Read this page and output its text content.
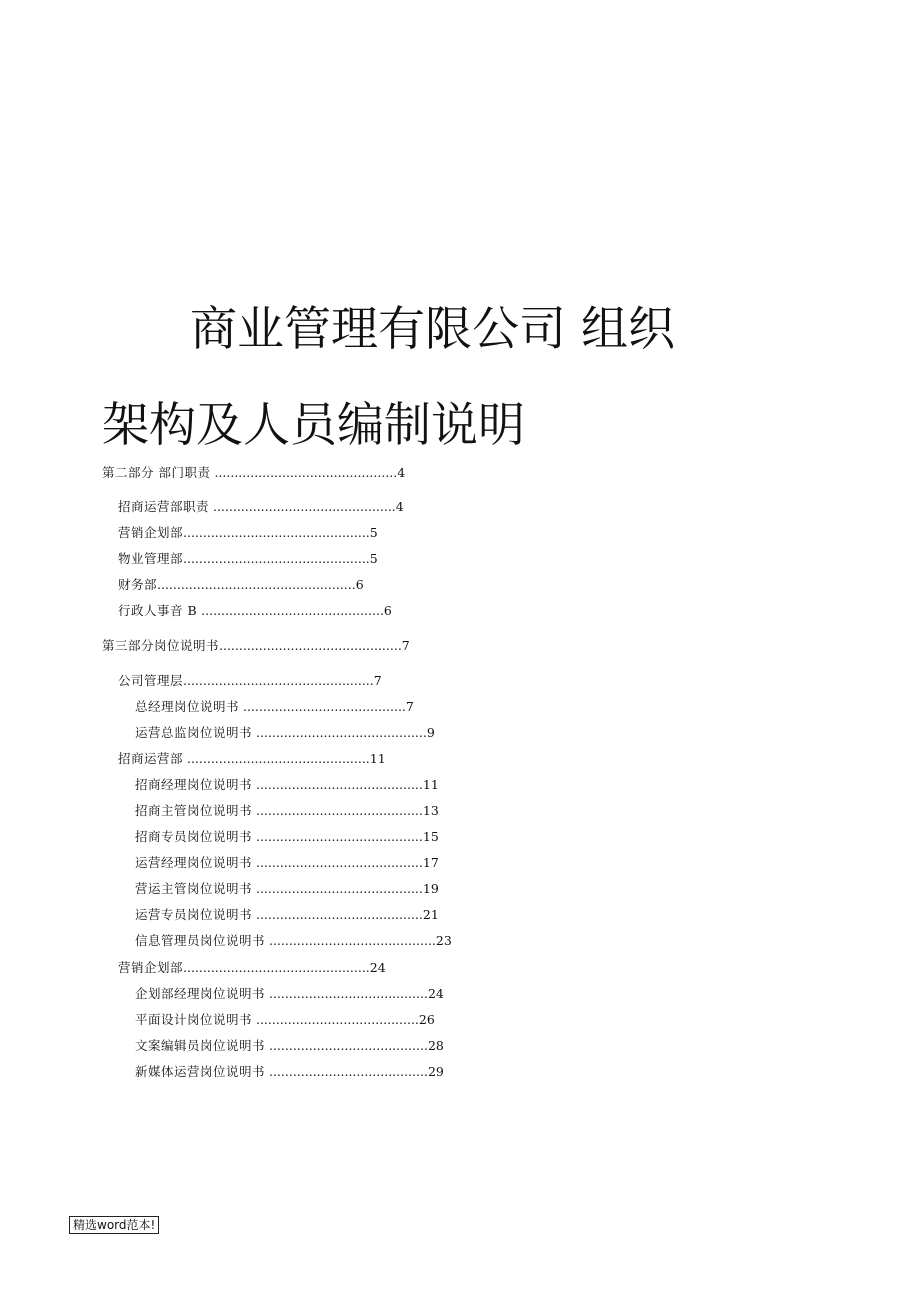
商业管理有限公司 组织
架构及人员编制说明
第二部分 部门职责 ..............................................4
招商运营部职责 ..............................................4
营销企划部...............................................5
物业管理部...............................................5
财务部..................................................6
行政人事音 B ..............................................6
第三部分岗位说明书..............................................7
公司管理层................................................7
总经理岗位说明书 .........................................7
运营总监岗位说明书 ...........................................9
招商运营部 ..............................................11
招商经理岗位说明书 ..........................................11
招商主管岗位说明书 ..........................................13
招商专员岗位说明书 ..........................................15
运营经理岗位说明书 ..........................................17
营运主管岗位说明书 ..........................................19
运营专员岗位说明书 ..........................................21
信息管理员岗位说明书 ..........................................23
营销企划部...............................................24
企划部经理岗位说明书 ........................................24
平面设计岗位说明书 .........................................26
文案编辑员岗位说明书 ........................................28
新媒体运营岗位说明书 ........................................29
精选word范本!
